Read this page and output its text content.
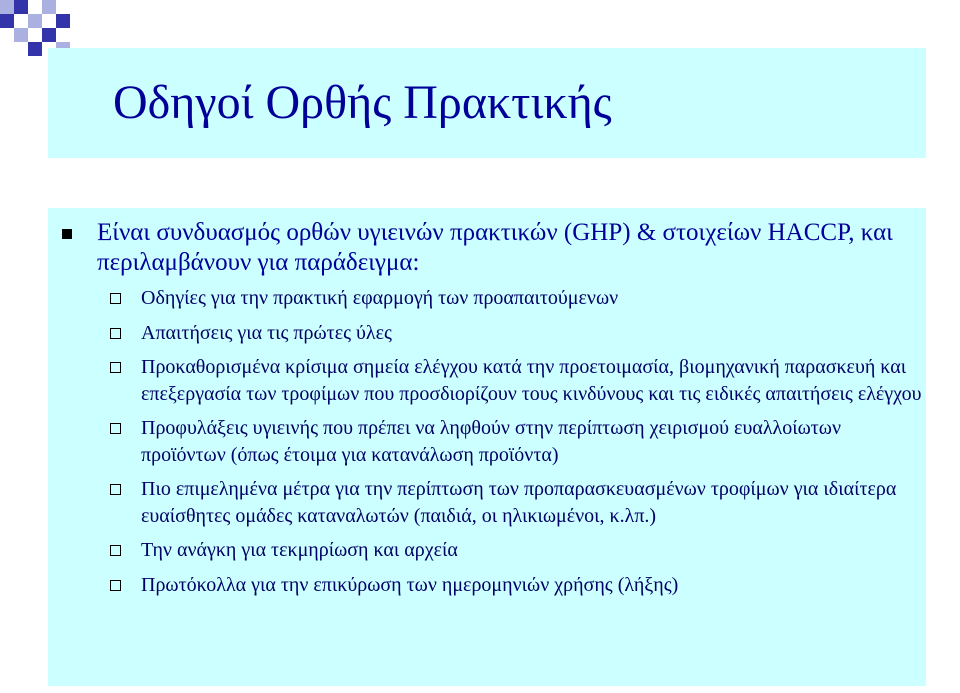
Οδηγοί Ορθής Πρακτικής
Είναι συνδυασμός ορθών υγιεινών πρακτικών (GHP) & στοιχείων HACCP, και περιλαμβάνουν για παράδειγμα:
Οδηγίες για την πρακτική εφαρμογή των προαπαιτούμενων
Απαιτήσεις για τις πρώτες ύλες
Προκαθορισμένα κρίσιμα σημεία ελέγχου κατά την προετοιμασία, βιομηχανική παρασκευή και επεξεργασία των τροφίμων που προσδιορίζουν τους κινδύνους και τις ειδικές απαιτήσεις ελέγχου
Προφυλάξεις υγιεινής που πρέπει να ληφθούν στην περίπτωση χειρισμού ευαλλοίωτων προϊόντων (όπως έτοιμα για κατανάλωση προϊόντα)
Πιο επιμελημένα μέτρα για την περίπτωση των προπαρασκευασμένων τροφίμων για ιδιαίτερα ευαίσθητες ομάδες καταναλωτών (παιδιά, οι ηλικιωμένοι, κ.λπ.)
Την ανάγκη για τεκμηρίωση και αρχεία
Πρωτόκολλα για την επικύρωση των ημερομηνιών χρήσης (λήξης)
